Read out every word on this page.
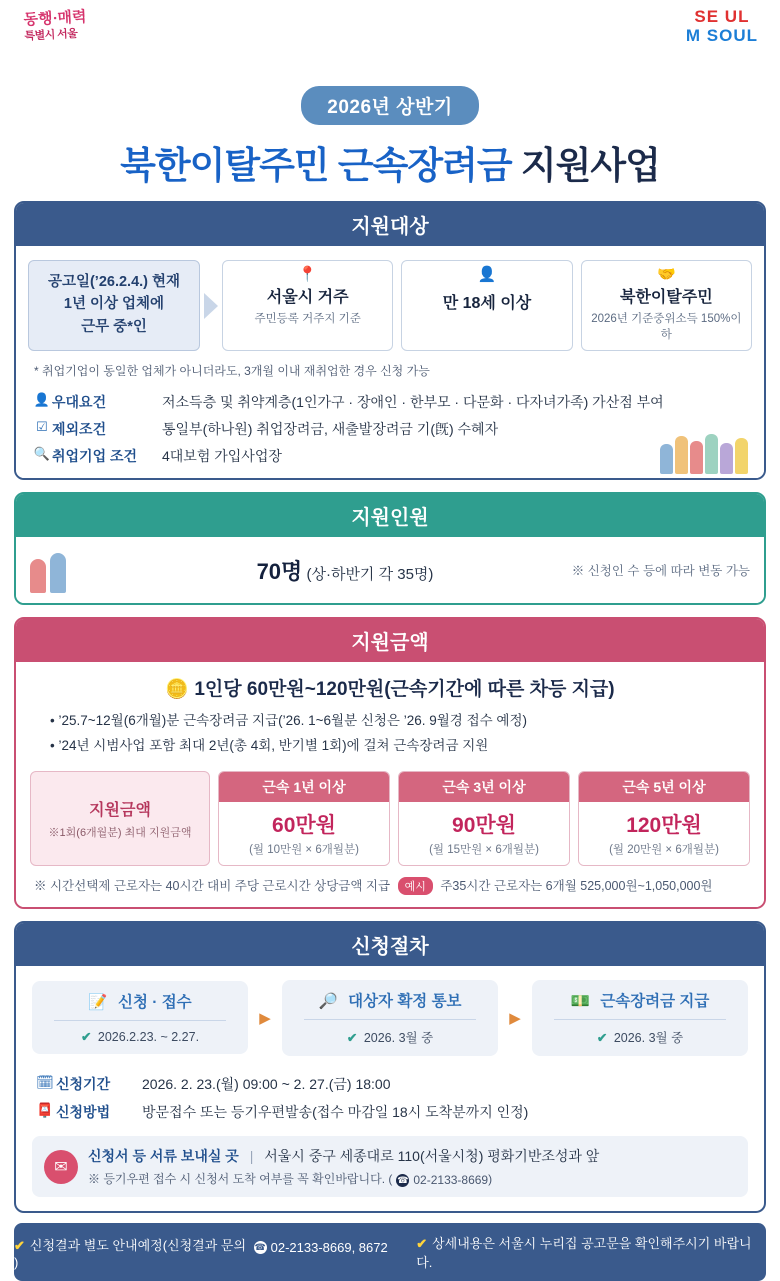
동행·매력
특별시 서울
SE UL
M SOUL
2026년 상반기
북한이탈주민 근속장려금 지원사업
지원대상
공고일(’26.2.4.) 현재
1년 이상 업체에
근무 중*인
📍
서울시 거주
주민등록 거주지 기준
👤
만 18세 이상
🤝
북한이탈주민
2026년 기준중위소득 150%이하
* 취업기업이 동일한 업체가 아니더라도, 3개월 이내 재취업한 경우 신청 가능
👤 우대요건	저소득층 및 취약계층(1인가구 · 장애인 · 한부모 · 다문화 · 다자녀가족) 가산점 부여
☑ 제외조건	통일부(하나원) 취업장려금, 새출발장려금 기(旣) 수혜자
🔍 취업기업 조건	4대보험 가입사업장
지원인원
70명 (상·하반기 각 35명)	※ 신청인 수 등에 따라 변동 가능
지원금액
🪙 1인당 60만원~120만원(근속기간에 따른 차등 지급)
• ’25.7~12월(6개월)분 근속장려금 지급(’26. 1~6월분 신청은 ’26. 9월경 접수 예정)
• ’24년 시범사업 포함 최대 2년(총 4회, 반기별 1회)에 걸쳐 근속장려금 지원
지원금액
※1회(6개월분) 최대 지원금액
근속 1년 이상
60만원
(월 10만원 × 6개월분)
근속 3년 이상
90만원
(월 15만원 × 6개월분)
근속 5년 이상
120만원
(월 20만원 × 6개월분)
※ 시간선택제 근로자는 40시간 대비 주당 근로시간 상당금액 지급 예시 주35시간 근로자는 6개월 525,000원~1,050,000원
신청절차
📝 신청 · 접수
✔ 2026.2.23. ~ 2.27.
▶
🔎 대상자 확정 통보
✔ 2026. 3월 중
▶
💵 근속장려금 지급
✔ 2026. 3월 중
🗓 신청기간	2026. 2. 23.(월) 09:00 ~ 2. 27.(금) 18:00
📮 신청방법	방문접수 또는 등기우편발송(접수 마감일 18시 도착분까지 인정)
✉
신청서 등 서류 보내실 곳 | 서울시 중구 세종대로 110(서울시청) 평화기반조성과 앞
※ 등기우편 접수 시 신청서 도착 여부를 꼭 확인바랍니다. ( ☎ 02-2133-8669 )
✔ 신청결과 별도 안내예정(신청결과 문의 ☎ 02-2133-8669, 8672
)
✔ 상세내용은 서울시 누리집 공고문을 확인해주시기 바랍니다.
